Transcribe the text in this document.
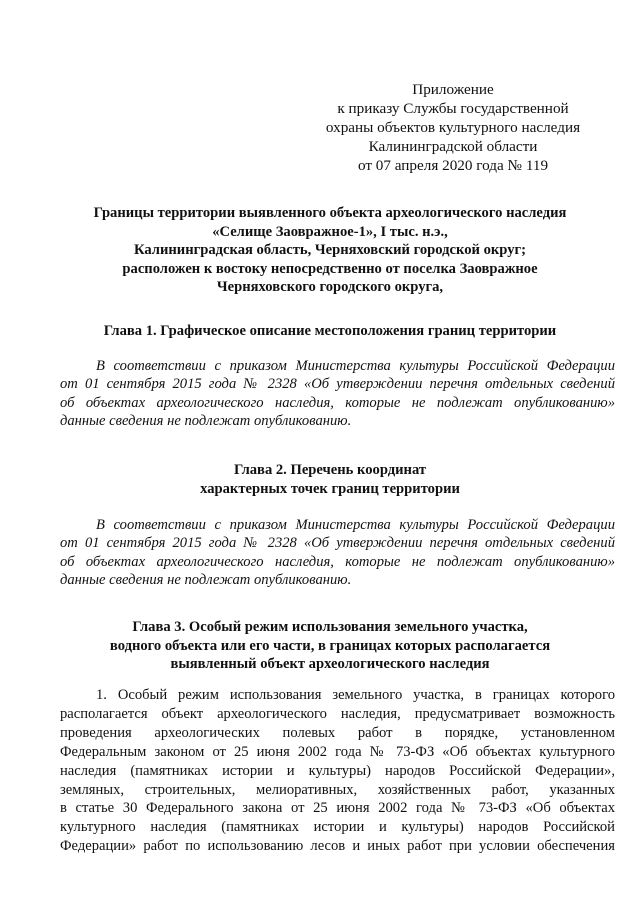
Приложение
к приказу Службы государственной
охраны объектов культурного наследия
Калининградской области
от 07 апреля 2020 года № 119
Границы территории выявленного объекта археологического наследия
«Селище Заовражное-1», I тыс. н.э.,
Калининградская область, Черняховский городской округ;
расположен к востоку непосредственно от поселка Заовражное
Черняховского городского округа,
Глава 1. Графическое описание местоположения границ территории
В соответствии с приказом Министерства культуры Российской Федерации
от 01 сентября 2015 года № 2328 «Об утверждении перечня отдельных сведений
об объектах археологического наследия, которые не подлежат опубликованию»
данные сведения не подлежат опубликованию.
Глава 2. Перечень координат
характерных точек границ территории
В соответствии с приказом Министерства культуры Российской Федерации
от 01 сентября 2015 года № 2328 «Об утверждении перечня отдельных сведений
об объектах археологического наследия, которые не подлежат опубликованию»
данные сведения не подлежат опубликованию.
Глава 3. Особый режим использования земельного участка,
водного объекта или его части, в границах которых располагается
выявленный объект археологического наследия
1. Особый режим использования земельного участка, в границах которого
располагается объект археологического наследия, предусматривает возможность
проведения археологических полевых работ в порядке, установленном
Федеральным законом от 25 июня 2002 года № 73-ФЗ «Об объектах культурного
наследия (памятниках истории и культуры) народов Российской Федерации»,
земляных, строительных, мелиоративных, хозяйственных работ, указанных
в статье 30 Федерального закона от 25 июня 2002 года № 73-ФЗ «Об объектах
культурного наследия (памятниках истории и культуры) народов Российской
Федерации» работ по использованию лесов и иных работ при условии обеспечения
